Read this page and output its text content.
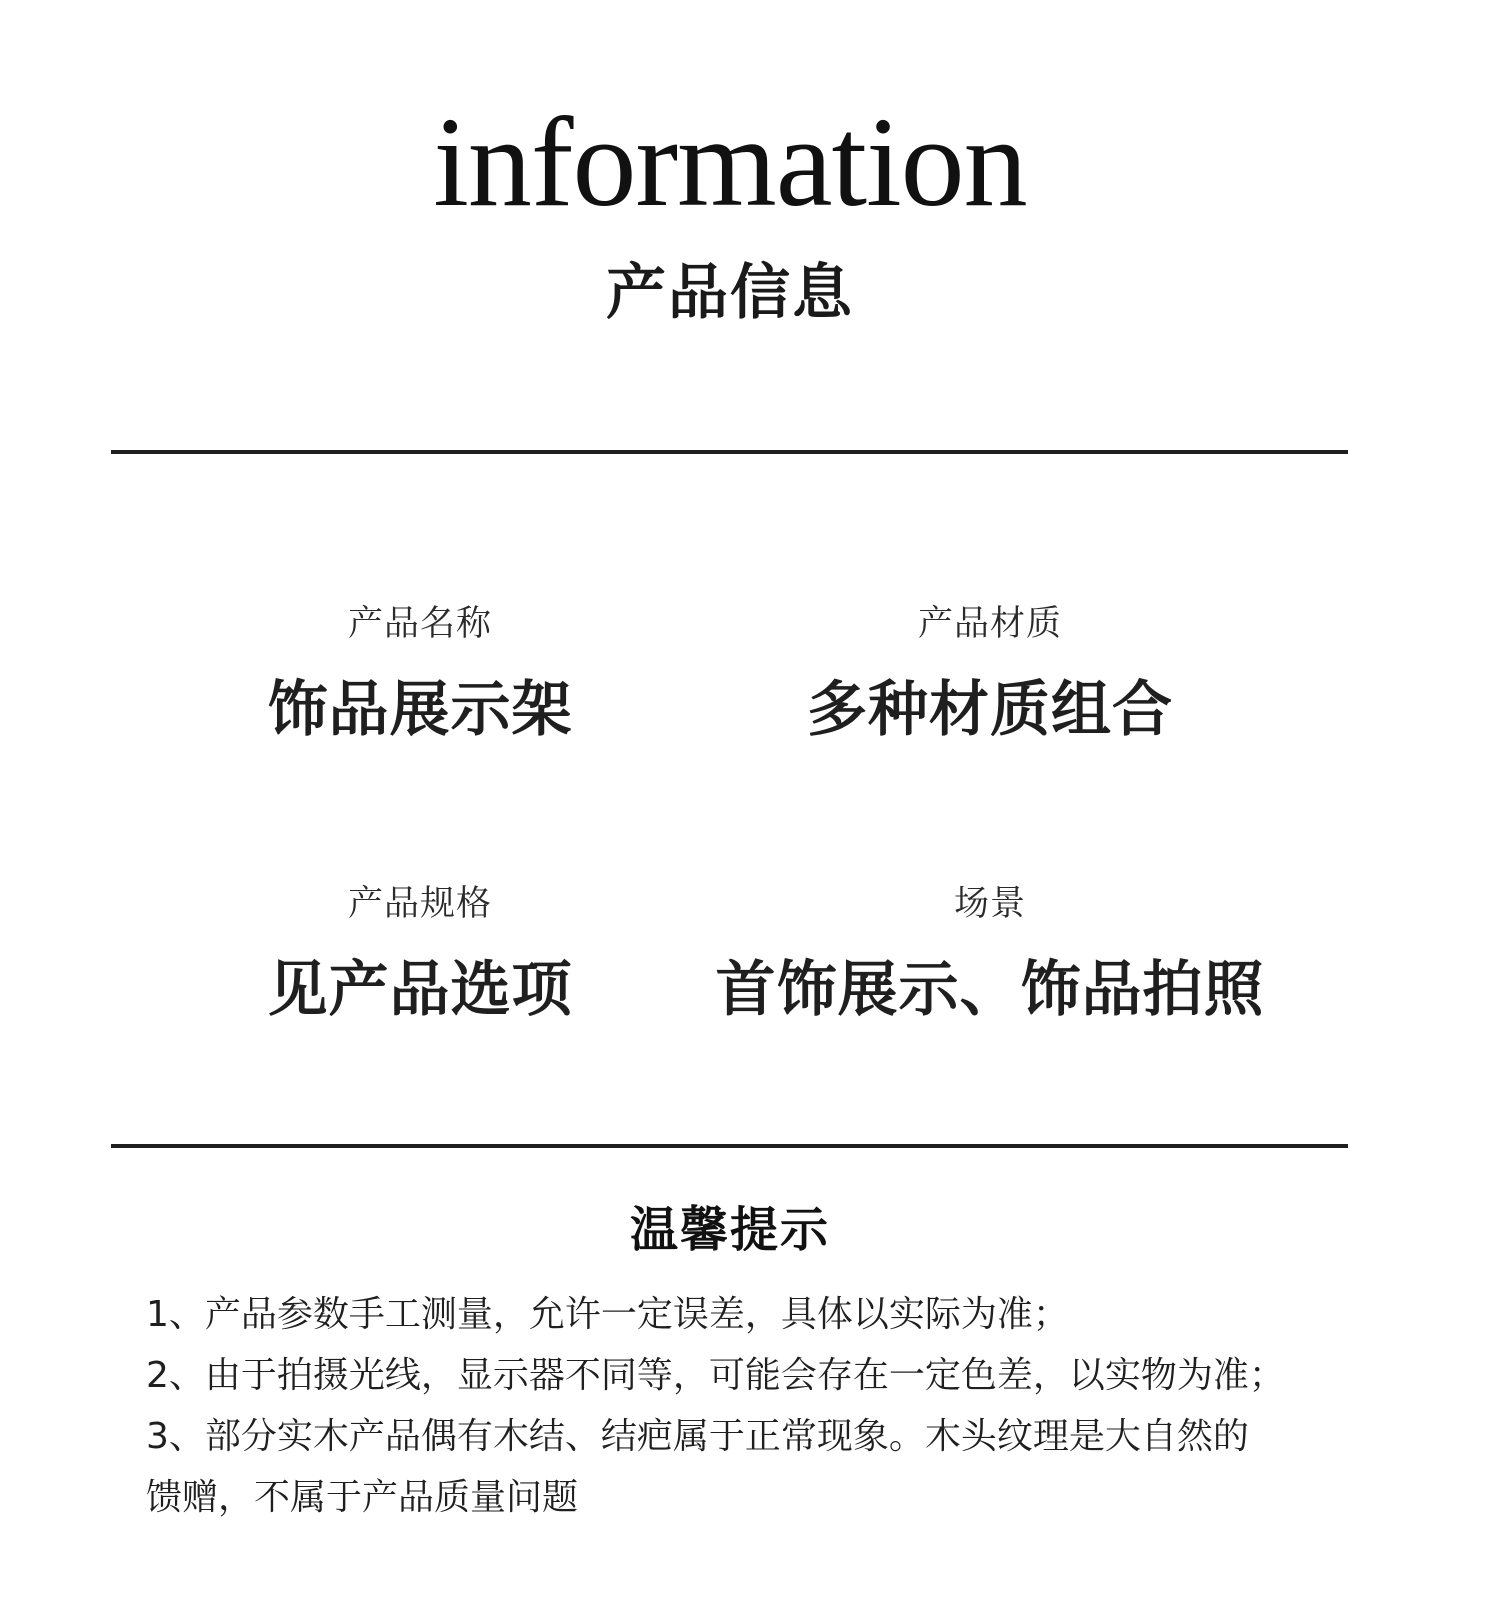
information
产品信息
产品名称
饰品展示架
产品材质
多种材质组合
产品规格
见产品选项
场景
首饰展示、饰品拍照
温馨提示
1、产品参数手工测量，允许一定误差，具体以实际为准；
2、由于拍摄光线，显示器不同等，可能会存在一定色差，以实物为准；
3、部分实木产品偶有木结、结疤属于正常现象。木头纹理是大自然的
馈赠，不属于产品质量问题
